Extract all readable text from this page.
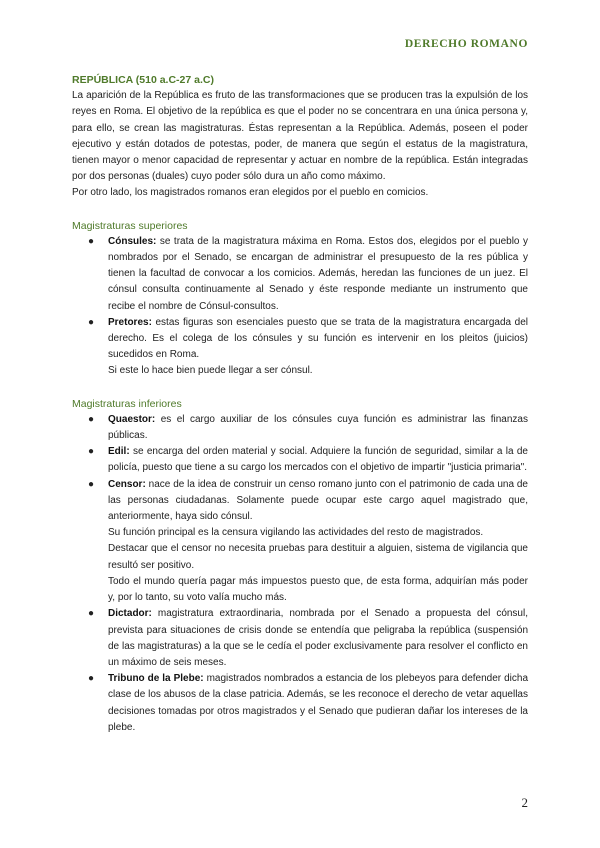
DERECHO ROMANO
REPÚBLICA (510 a.C-27 a.C)

La aparición de la República es fruto de las transformaciones que se producen tras la expulsión de los reyes en Roma. El objetivo de la república es que el poder no se concentrara en una única persona y, para ello, se crean las magistraturas. Éstas representan a la República. Además, poseen el poder ejecutivo y están dotados de potestas, poder, de manera que según el estatus de la magistratura, tienen mayor o menor capacidad de representar y actuar en nombre de la república. Están integradas por dos personas (duales) cuyo poder sólo dura un año como máximo.

Por otro lado, los magistrados romanos eran elegidos por el pueblo en comicios.

Magistraturas superiores
● Cónsules: se trata de la magistratura máxima en Roma. Estos dos, elegidos por el pueblo y nombrados por el Senado, se encargan de administrar el presupuesto de la res pública y tienen la facultad de convocar a los comicios. Además, heredan las funciones de un juez. El cónsul consulta continuamente al Senado y éste responde mediante un instrumento que recibe el nombre de Cónsul-consultos.
● Pretores: estas figuras son esenciales puesto que se trata de la magistratura encargada del derecho. Es el colega de los cónsules y su función es intervenir en los pleitos (juicios) sucedidos en Roma.
Si este lo hace bien puede llegar a ser cónsul.
Magistraturas inferiores
● Quaestor: es el cargo auxiliar de los cónsules cuya función es administrar las finanzas públicas.
● Edil: se encarga del orden material y social. Adquiere la función de seguridad, similar a la de policía, puesto que tiene a su cargo los mercados con el objetivo de impartir "justicia primaria".
● Censor: nace de la idea de construir un censo romano junto con el patrimonio de cada una de las personas ciudadanas. Solamente puede ocupar este cargo aquel magistrado que, anteriormente, haya sido cónsul.
Su función principal es la censura vigilando las actividades del resto de magistrados.
Destacar que el censor no necesita pruebas para destituir a alguien, sistema de vigilancia que resultó ser positivo.
Todo el mundo quería pagar más impuestos puesto que, de esta forma, adquirían más poder y, por lo tanto, su voto valía mucho más.
● Dictador: magistratura extraordinaria, nombrada por el Senado a propuesta del cónsul, prevista para situaciones de crisis donde se entendía que peligraba la república (suspensión de las magistraturas) a la que se le cedía el poder exclusivamente para resolver el conflicto en un máximo de seis meses.
● Tribuno de la Plebe: magistrados nombrados a estancia de los plebeyos para defender dicha clase de los abusos de la clase patricia. Además, se les reconoce el derecho de vetar aquellas decisiones tomadas por otros magistrados y el Senado que pudieran dañar los intereses de la plebe.
2
